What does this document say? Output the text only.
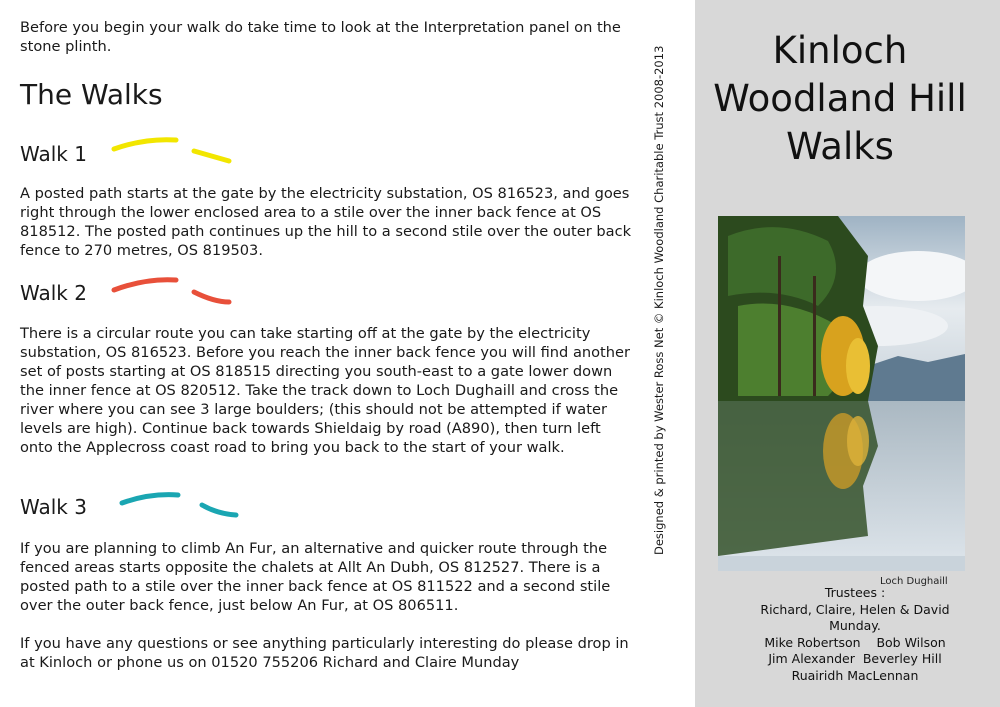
Before you begin your walk do take time to look at the Interpretation panel on the stone plinth.

The Walks
Walk 1

A posted path starts at the gate by the electricity substation, OS 816523, and goes right through the lower enclosed area to a stile over the inner back fence at OS 818512. The posted path continues up the hill to a second stile over the outer back fence to 270 metres, OS 819503.

Walk 2

There is a circular route you can take starting off at the gate by the electricity substation, OS 816523. Before you reach the inner back fence you will find another set of posts starting at OS 818515 directing you south-east to a gate lower down the inner fence at OS 820512. Take the track down to Loch Dughaill and cross the river where you can see 3 large boulders; (this should not be attempted if water levels are high). Continue back towards Shieldaig by road (A890), then turn left onto the Applecross coast road to bring you back to the start of your walk.

Walk 3

If you are planning to climb An Fur, an alternative and quicker route through the fenced areas starts opposite the chalets at Allt An Dubh, OS 812527. There is a posted path to a stile over the inner back fence at OS 811522 and a second stile over the outer back fence, just below An Fur, at OS 806511.

If you have any questions or see anything particularly interesting do please drop in at Kinloch or phone us on 01520 755206 Richard and Claire Munday

Designed & printed by Wester Ross Net © Kinloch Woodland Charitable Trust 2008-2013	Kinloch
Woodland Hill
Walks
Loch Dughaill
Trustees :
Richard, Claire, Helen & David
Munday.
Mike Robertson    Bob Wilson
Jim Alexander  Beverley Hill
Ruairidh MacLennan
